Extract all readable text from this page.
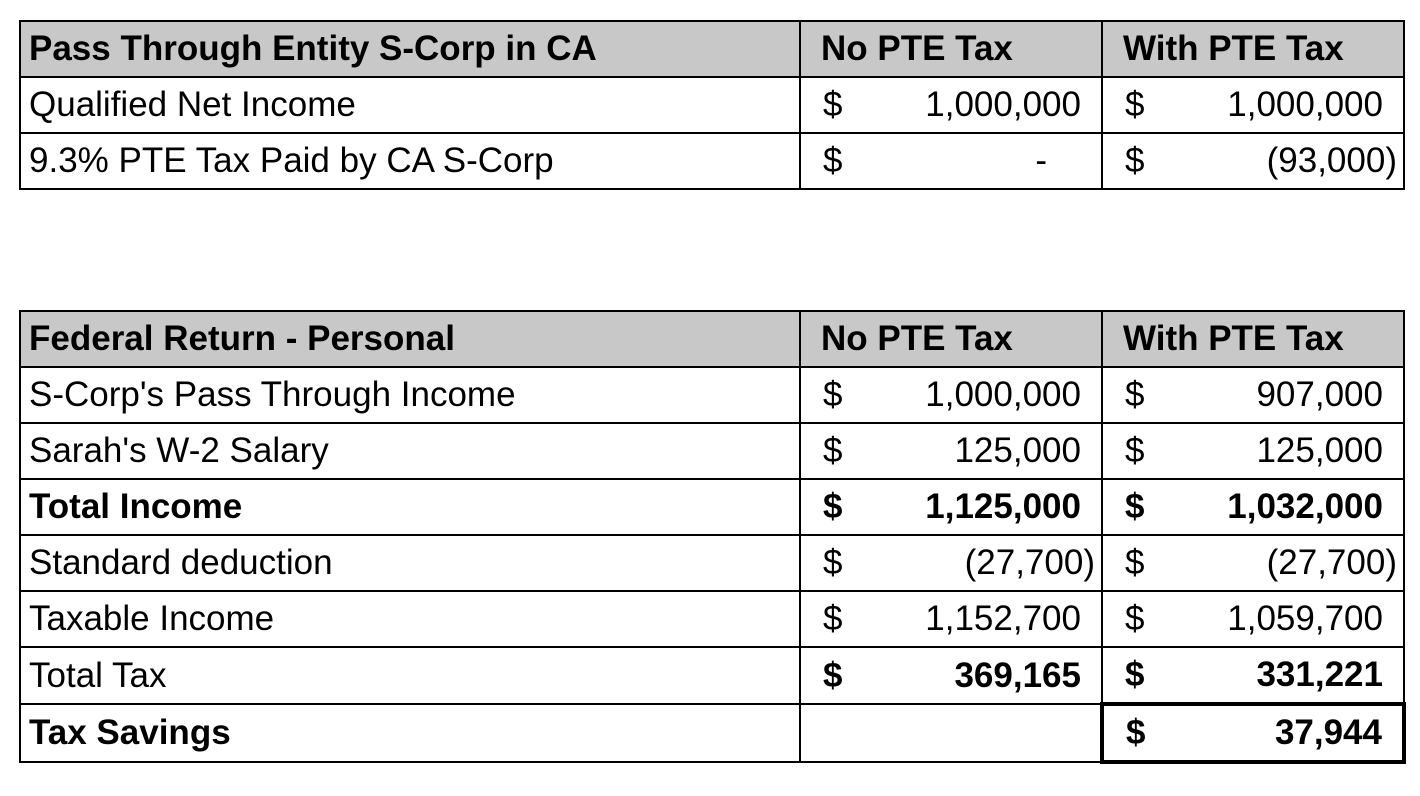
Pass Through Entity S-Corp in CA	No PTE Tax	With PTE Tax
Qualified Net Income	$ 1,000,000	$ 1,000,000

9.3% PTE Tax Paid by CA S-Corp	$ -	$ (93,000)
Federal Return - Personal	No PTE Tax	With PTE Tax
S-Corp's Pass Through Income	$ 1,000,000	$ 907,000

Sarah's W-2 Salary	$ 125,000	$ 125,000

Total Income	$ 1,125,000	$ 1,032,000

Standard deduction	$ (27,700)	$ (27,700)

Taxable Income	$ 1,152,700	$ 1,059,700

Total Tax	$ 369,165	$ 331,221

Tax Savings		$ 37,944
